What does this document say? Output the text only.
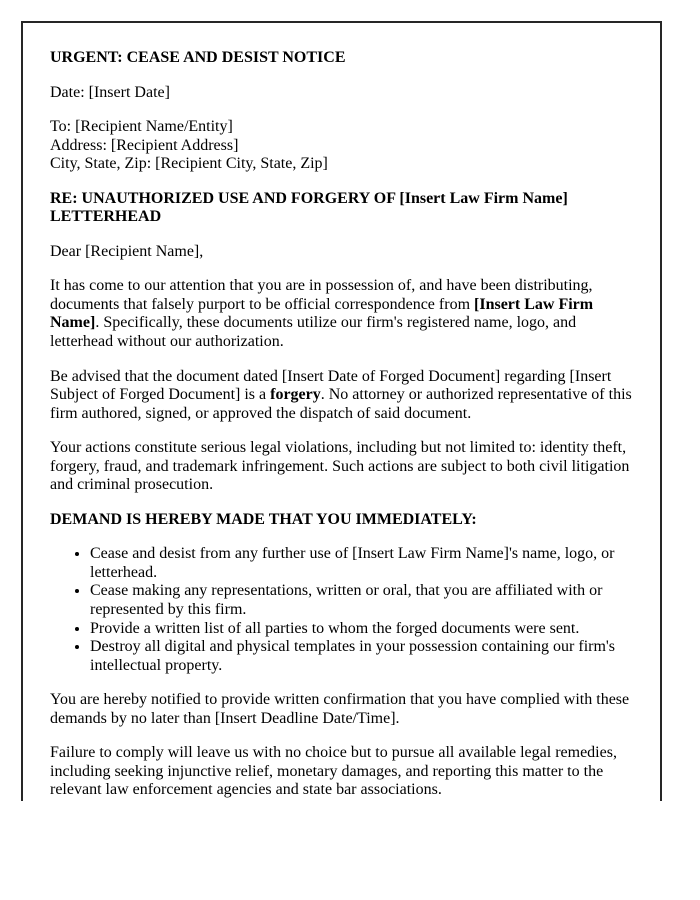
URGENT: CEASE AND DESIST NOTICE

Date: [Insert Date]

To: [Recipient Name/Entity]
Address: [Recipient Address]
City, State, Zip: [Recipient City, State, Zip]

RE: UNAUTHORIZED USE AND FORGERY OF [Insert Law Firm Name] LETTERHEAD

Dear [Recipient Name],

It has come to our attention that you are in possession of, and have been distributing, documents that falsely purport to be official correspondence from [Insert Law Firm Name]. Specifically, these documents utilize our firm's registered name, logo, and letterhead without our authorization.

Be advised that the document dated [Insert Date of Forged Document] regarding [Insert Subject of Forged Document] is a forgery. No attorney or authorized representative of this firm authored, signed, or approved the dispatch of said document.

Your actions constitute serious legal violations, including but not limited to: identity theft, forgery, fraud, and trademark infringement. Such actions are subject to both civil litigation and criminal prosecution.

DEMAND IS HEREBY MADE THAT YOU IMMEDIATELY:

• Cease and desist from any further use of [Insert Law Firm Name]'s name, logo, or letterhead.
• Cease making any representations, written or oral, that you are affiliated with or represented by this firm.
• Provide a written list of all parties to whom the forged documents were sent.
• Destroy all digital and physical templates in your possession containing our firm's intellectual property.

You are hereby notified to provide written confirmation that you have complied with these demands by no later than [Insert Deadline Date/Time].

Failure to comply will leave us with no choice but to pursue all available legal remedies, including seeking injunctive relief, monetary damages, and reporting this matter to the relevant law enforcement agencies and state bar associations.
